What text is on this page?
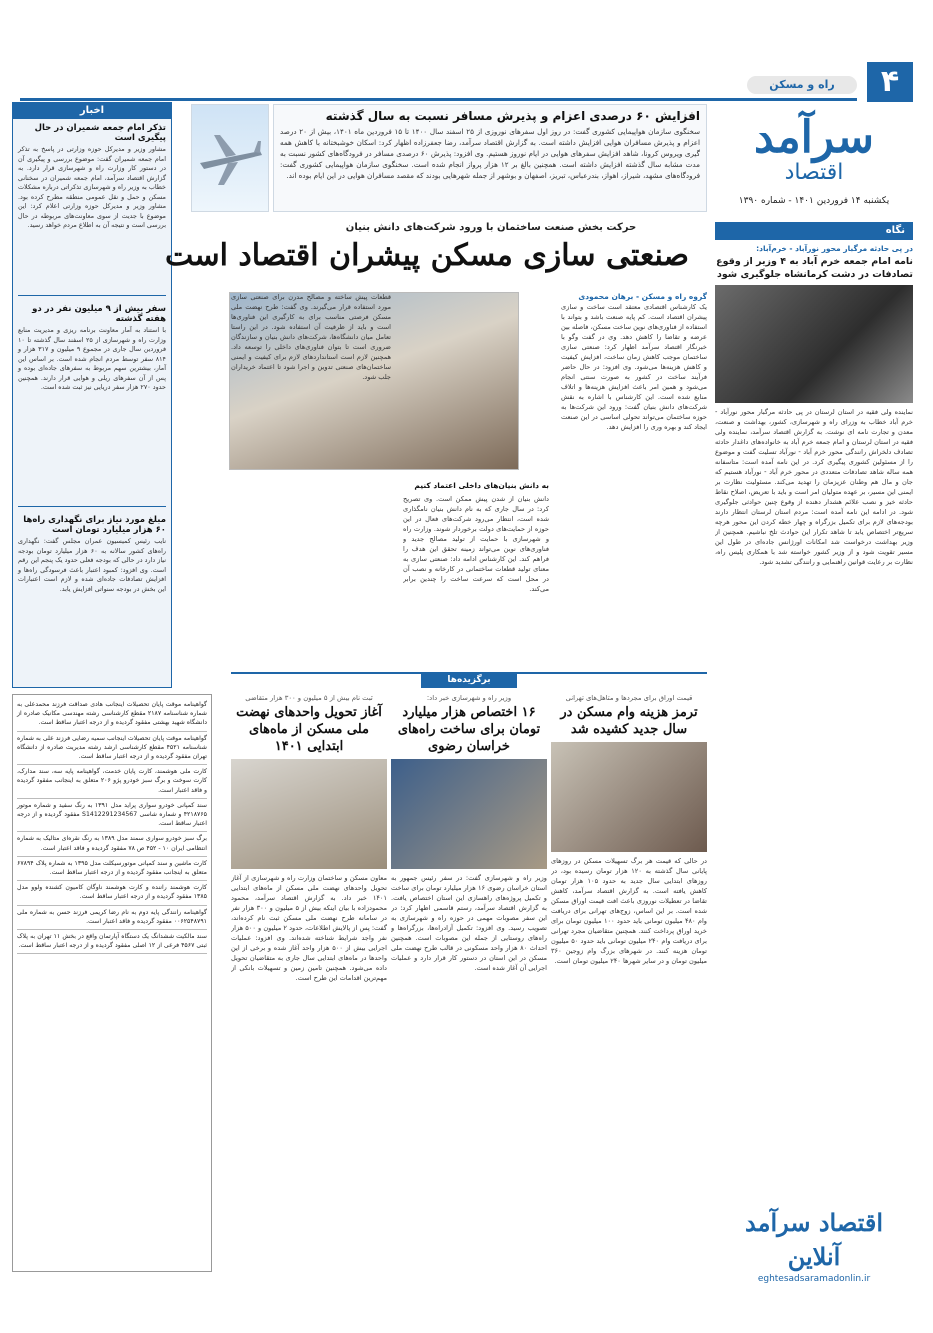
۴
راه و مسکن
سرآمد
اقتصاد
یکشنبه ۱۴ فروردین ۱۴۰۱ - شماره ۱۳۹۰
افزایش ۶۰ درصدی اعزام و پذیرش مسافر نسبت به سال گذشته
سخنگوی سازمان هواپیمایی کشوری گفت: در روز اول سفرهای نوروزی از ۲۵ اسفند سال ۱۴۰۰ تا ۱۵ فروردین ماه ۱۴۰۱، بیش از ۲۰ درصد اعزام و پذیرش مسافران هوایی افزایش داشته است. به گزارش اقتصاد سرآمد، رضا جعفرزاده اظهار کرد: اسکان خوشبختانه با کاهش همه گیری ویروس کرونا، شاهد افزایش سفرهای هوایی در ایام نوروز هستیم. وی افزود: پذیرش ۶۰ درصدی مسافر در فرودگاه‌های کشور نسبت به مدت مشابه سال گذشته افزایش داشته است. همچنین بالغ بر ۱۲ هزار پرواز انجام شده است. سخنگوی سازمان هواپیمایی کشوری گفت: فرودگاه‌های مشهد، شیراز، اهواز، بندرعباس، تبریز، اصفهان و بوشهر از جمله شهرهایی بودند که مقصد مسافران هوایی در این ایام بوده اند.
اخبار
تذکر امام جمعه شمیران در حال پیگیری است
مشاور وزیر و مدیرکل حوزه وزارتی در پاسخ به تذکر امام جمعه شمیران گفت: موضوع بررسی و پیگیری آن در دستور کار وزارت راه و شهرسازی قرار دارد. به گزارش اقتصاد سرآمد، امام جمعه شمیران در سخنانی خطاب به وزیر راه و شهرسازی تذکراتی درباره مشکلات مسکن و حمل و نقل عمومی منطقه مطرح کرده بود. مشاور وزیر و مدیرکل حوزه وزارتی اعلام کرد: این موضوع با جدیت از سوی معاونت‌های مربوطه در حال بررسی است و نتیجه آن به اطلاع مردم خواهد رسید.
سفر بیش از ۹ میلیون نفر در دو هفته گذشته
با استناد به آمار معاونت برنامه ریزی و مدیریت منابع وزارت راه و شهرسازی از ۲۵ اسفند سال گذشته تا ۱۰ فروردین سال جاری در مجموع ۹ میلیون و ۳۱۷ هزار و ۸۱۴ سفر توسط مردم انجام شده است. بر اساس این آمار، بیشترین سهم مربوط به سفرهای جاده‌ای بوده و پس از آن سفرهای ریلی و هوایی قرار دارند. همچنین حدود ۲۷۰ هزار سفر دریایی نیز ثبت شده است.
مبلغ مورد نیاز برای نگهداری راه‌ها ۶۰ هزار میلیارد تومان است
نایب رئیس کمیسیون عمران مجلس گفت: نگهداری راه‌های کشور سالانه به ۶۰ هزار میلیارد تومان بودجه نیاز دارد در حالی که بودجه فعلی حدود یک پنجم این رقم است. وی افزود: کمبود اعتبار باعث فرسودگی راه‌ها و افزایش تصادفات جاده‌ای شده و لازم است اعتبارات این بخش در بودجه سنواتی افزایش یابد.
نگاه
در پی حادثه مرگبار محور نورآباد - خرم‌آباد:
نامه امام جمعه خرم آباد به ۴ وزیر از وقوع تصادفات در دشت کرمانشاه جلوگیری شود
نماینده ولی فقیه در استان لرستان در پی حادثه مرگبار محور نورآباد - خرم آباد خطاب به وزرای راه و شهرسازی، کشور، بهداشت و صنعت، معدن و تجارت نامه ای نوشت. به گزارش اقتصاد سرآمد، نماینده ولی فقیه در استان لرستان و امام جمعه خرم آباد به خانواده‌های داغدار حادثه تصادف دلخراش رانندگی محور خرم آباد - نورآباد تسلیت گفت و موضوع را از مسئولین کشوری پیگیری کرد. در این نامه آمده است: متاسفانه همه ساله شاهد تصادفات متعددی در محور خرم آباد - نورآباد هستیم که جان و مال هم وطنان عزیزمان را تهدید می‌کند. مسئولیت نظارت بر ایمنی این مسیر، بر عهده متولیان امر است و باید با تعریض، اصلاح نقاط حادثه خیز و نصب علائم هشدار دهنده از وقوع چنین حوادثی جلوگیری شود. در ادامه این نامه آمده است: مردم استان لرستان انتظار دارند بودجه‌های لازم برای تکمیل بزرگراه و چهار خطه کردن این محور هرچه سریع‌تر اختصاص یابد تا شاهد تکرار این حوادث تلخ نباشیم. همچنین از وزیر بهداشت درخواست شد امکانات اورژانس جاده‌ای در طول این مسیر تقویت شود و از وزیر کشور خواسته شد با همکاری پلیس راه، نظارت بر رعایت قوانین راهنمایی و رانندگی تشدید شود.
حرکت بخش صنعت ساختمان با ورود شرکت‌های دانش بنیان
صنعتی سازی مسکن پیشران اقتصاد است
گروه راه و مسکن - برهان محمودی
یک کارشناس اقتصادی معتقد است ساخت و سازی پیشران اقتصاد است. کم پایه صنعت باشد و بتواند با استفاده از فناوری‌های نوین ساخت مسکن، فاصله بین عرضه و تقاضا را کاهش دهد. وی در گفت وگو با خبرنگار اقتصاد سرآمد اظهار کرد: صنعتی سازی ساختمان موجب کاهش زمان ساخت، افزایش کیفیت و کاهش هزینه‌ها می‌شود. وی افزود: در حال حاضر فرآیند ساخت در کشور به صورت سنتی انجام می‌شود و همین امر باعث افزایش هزینه‌ها و اتلاف منابع شده است. این کارشناس با اشاره به نقش شرکت‌های دانش بنیان گفت: ورود این شرکت‌ها به حوزه ساختمان می‌تواند تحولی اساسی در این صنعت ایجاد کند و بهره وری را افزایش دهد.
به دانش بنیان‌های داخلی اعتماد کنیم
دانش بنیان از شدن پیش ممکن است. وی تصریح کرد: در سال جاری که به نام دانش بنیان نامگذاری شده است، انتظار می‌رود شرکت‌های فعال در این حوزه از حمایت‌های دولت برخوردار شوند. وزارت راه و شهرسازی با حمایت از تولید مصالح جدید و فناوری‌های نوین می‌تواند زمینه تحقق این هدف را فراهم کند. این کارشناس ادامه داد: صنعتی سازی به معنای تولید قطعات ساختمانی در کارخانه و نصب آن در محل است که سرعت ساخت را چندین برابر می‌کند.
قطعات پیش ساخته و مصالح مدرن برای صنعتی سازی مورد استفاده قرار می‌گیرند. وی گفت: طرح نهضت ملی مسکن فرصتی مناسب برای به کارگیری این فناوری‌ها است و باید از ظرفیت آن استفاده شود. در این راستا تعامل میان دانشگاه‌ها، شرکت‌های دانش بنیان و سازندگان ضروری است تا بتوان فناوری‌های داخلی را توسعه داد. همچنین لازم است استانداردهای لازم برای کیفیت و ایمنی ساختمان‌های صنعتی تدوین و اجرا شود تا اعتماد خریداران جلب شود.
برگزیده‌ها
قیمت اوراق برای مجردها و متاهل‌های تهرانی
ترمز هزینه وام مسکن در سال جدید کشیده شد
در حالی که قیمت هر برگ تسهیلات مسکن در روزهای پایانی سال گذشته به ۱۲۰ هزار تومان رسیده بود، در روزهای ابتدایی سال جدید به حدود ۱۰۵ هزار تومان کاهش یافته است. به گزارش اقتصاد سرآمد، کاهش تقاضا در تعطیلات نوروزی باعث افت قیمت اوراق مسکن شده است. بر این اساس، زوج‌های تهرانی برای دریافت وام ۴۸۰ میلیون تومانی باید حدود ۱۰۰ میلیون تومان برای خرید اوراق پرداخت کنند. همچنین متقاضیان مجرد تهرانی برای دریافت وام ۲۴۰ میلیون تومانی باید حدود ۵۰ میلیون تومان هزینه کنند. در شهرهای بزرگ وام زوجین ۳۶۰ میلیون تومان و در سایر شهرها ۲۴۰ میلیون تومان است.
وزیر راه و شهرسازی خبر داد:
۱۶ اختصاص هزار میلیارد تومان برای ساخت راه‌های خراسان رضوی
وزیر راه و شهرسازی گفت: در سفر رئیس جمهور به استان خراسان رضوی ۱۶ هزار میلیارد تومان برای ساخت و تکمیل پروژه‌های راهسازی این استان اختصاص یافت. به گزارش اقتصاد سرآمد، رستم قاسمی اظهار کرد: در این سفر مصوبات مهمی در حوزه راه و شهرسازی به تصویب رسید. وی افزود: تکمیل آزادراه‌ها، بزرگراه‌ها و راه‌های روستایی از جمله این مصوبات است. همچنین احداث ۸۰ هزار واحد مسکونی در قالب طرح نهضت ملی مسکن در این استان در دستور کار قرار دارد و عملیات اجرایی آن آغاز شده است.
ثبت نام بیش از ۵ میلیون و ۳۰۰ هزار متقاضی
آغاز تحویل واحدهای نهضت ملی مسکن از ماه‌های ابتدایی ۱۴۰۱
معاون مسکن و ساختمان وزارت راه و شهرسازی از آغاز تحویل واحدهای نهضت ملی مسکن از ماه‌های ابتدایی ۱۴۰۱ خبر داد. به گزارش اقتصاد سرآمد، محمود محمودزاده با بیان اینکه بیش از ۵ میلیون و ۳۰۰ هزار نفر در سامانه طرح نهضت ملی مسکن ثبت نام کرده‌اند، گفت: پس از پالایش اطلاعات، حدود ۲ میلیون و ۵۰۰ هزار نفر واجد شرایط شناخته شده‌اند. وی افزود: عملیات اجرایی بیش از ۵۰۰ هزار واحد آغاز شده و برخی از این واحدها در ماه‌های ابتدایی سال جاری به متقاضیان تحویل داده می‌شود. همچنین تامین زمین و تسهیلات بانکی از مهم‌ترین اقدامات این طرح است.
گواهینامه موقت پایان تحصیلات اینجانب هادی صداقت فرزند محمدعلی به شماره شناسنامه ۲۱۸۷ مقطع کارشناسی رشته مهندسی مکانیک صادره از دانشگاه شهید بهشتی مفقود گردیده و از درجه اعتبار ساقط است.
گواهینامه موقت پایان تحصیلات اینجانب سمیه رضایی فرزند علی به شماره شناسنامه ۴۵۲۱ مقطع کارشناسی ارشد رشته مدیریت صادره از دانشگاه تهران مفقود گردیده و از درجه اعتبار ساقط است.
کارت ملی هوشمند، کارت پایان خدمت، گواهینامه پایه سه، سند مدارک، کارت سوخت و برگ سبز خودرو پژو ۲۰۶ متعلق به اینجانب مفقود گردیده و فاقد اعتبار است.
سند کمپانی خودرو سواری پراید مدل ۱۳۹۱ به رنگ سفید و شماره موتور ۴۲۱۸۷۶۵ و شماره شاسی S1412291234567 مفقود گردیده و از درجه اعتبار ساقط است.
برگ سبز خودرو سواری سمند مدل ۱۳۸۹ به رنگ نقره‌ای متالیک به شماره انتظامی ایران ۱۰ - ۴۵۲ ص ۷۸ مفقود گردیده و فاقد اعتبار است.
کارت ماشین و سند کمپانی موتورسیکلت مدل ۱۳۹۵ به شماره پلاک ۶۷۸۹۴ متعلق به اینجانب مفقود گردیده و از درجه اعتبار ساقط است.
کارت هوشمند راننده و کارت هوشمند ناوگان کامیون کشنده ولوو مدل ۱۳۸۵ مفقود گردیده و از درجه اعتبار ساقط است.
گواهینامه رانندگی پایه دوم به نام رضا کریمی فرزند حسن به شماره ملی ۰۰۶۲۵۴۸۷۹۱ مفقود گردیده و فاقد اعتبار است.
سند مالکیت ششدانگ یک دستگاه آپارتمان واقع در بخش ۱۱ تهران به پلاک ثبتی ۴۵۶۷ فرعی از ۱۲ اصلی مفقود گردیده و از درجه اعتبار ساقط است.
اقتصاد سرآمد آنلاین
eghtesadsaramadonlin.ir
